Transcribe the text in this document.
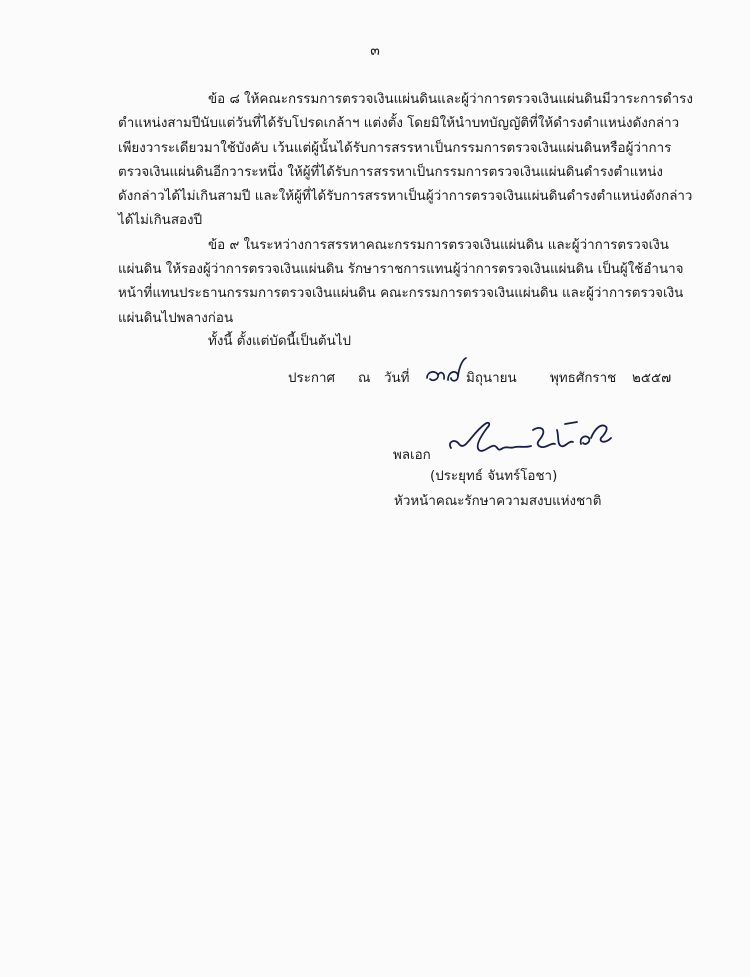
๓

ข้อ ๘ ให้คณะกรรมการตรวจเงินแผ่นดินและผู้ว่าการตรวจเงินแผ่นดินมีวาระการดำรง
ตำแหน่งสามปีนับแต่วันที่ได้รับโปรดเกล้าฯ แต่งตั้ง โดยมิให้นำบทบัญญัติที่ให้ดำรงตำแหน่งดังกล่าว
เพียงวาระเดียวมาใช้บังคับ เว้นแต่ผู้นั้นได้รับการสรรหาเป็นกรรมการตรวจเงินแผ่นดินหรือผู้ว่าการ
ตรวจเงินแผ่นดินอีกวาระหนึ่ง ให้ผู้ที่ได้รับการสรรหาเป็นกรรมการตรวจเงินแผ่นดินดำรงตำแหน่ง
ดังกล่าวได้ไม่เกินสามปี และให้ผู้ที่ได้รับการสรรหาเป็นผู้ว่าการตรวจเงินแผ่นดินดำรงตำแหน่งดังกล่าว
ได้ไม่เกินสองปี

ข้อ ๙ ในระหว่างการสรรหาคณะกรรมการตรวจเงินแผ่นดิน และผู้ว่าการตรวจเงิน
แผ่นดิน ให้รองผู้ว่าการตรวจเงินแผ่นดิน รักษาราชการแทนผู้ว่าการตรวจเงินแผ่นดิน เป็นผู้ใช้อำนาจ
หน้าที่แทนประธานกรรมการตรวจเงินแผ่นดิน คณะกรรมการตรวจเงินแผ่นดิน และผู้ว่าการตรวจเงิน
แผ่นดินไปพลางก่อน

ทั้งนี้ ตั้งแต่บัดนี้เป็นต้นไป
ประกาศ ณ วันที่	มิถุนายน พุทธศักราช ๒๕๕๗
พลเอก
(ประยุทธ์ จันทร์โอชา)
หัวหน้าคณะรักษาความสงบแห่งชาติ
